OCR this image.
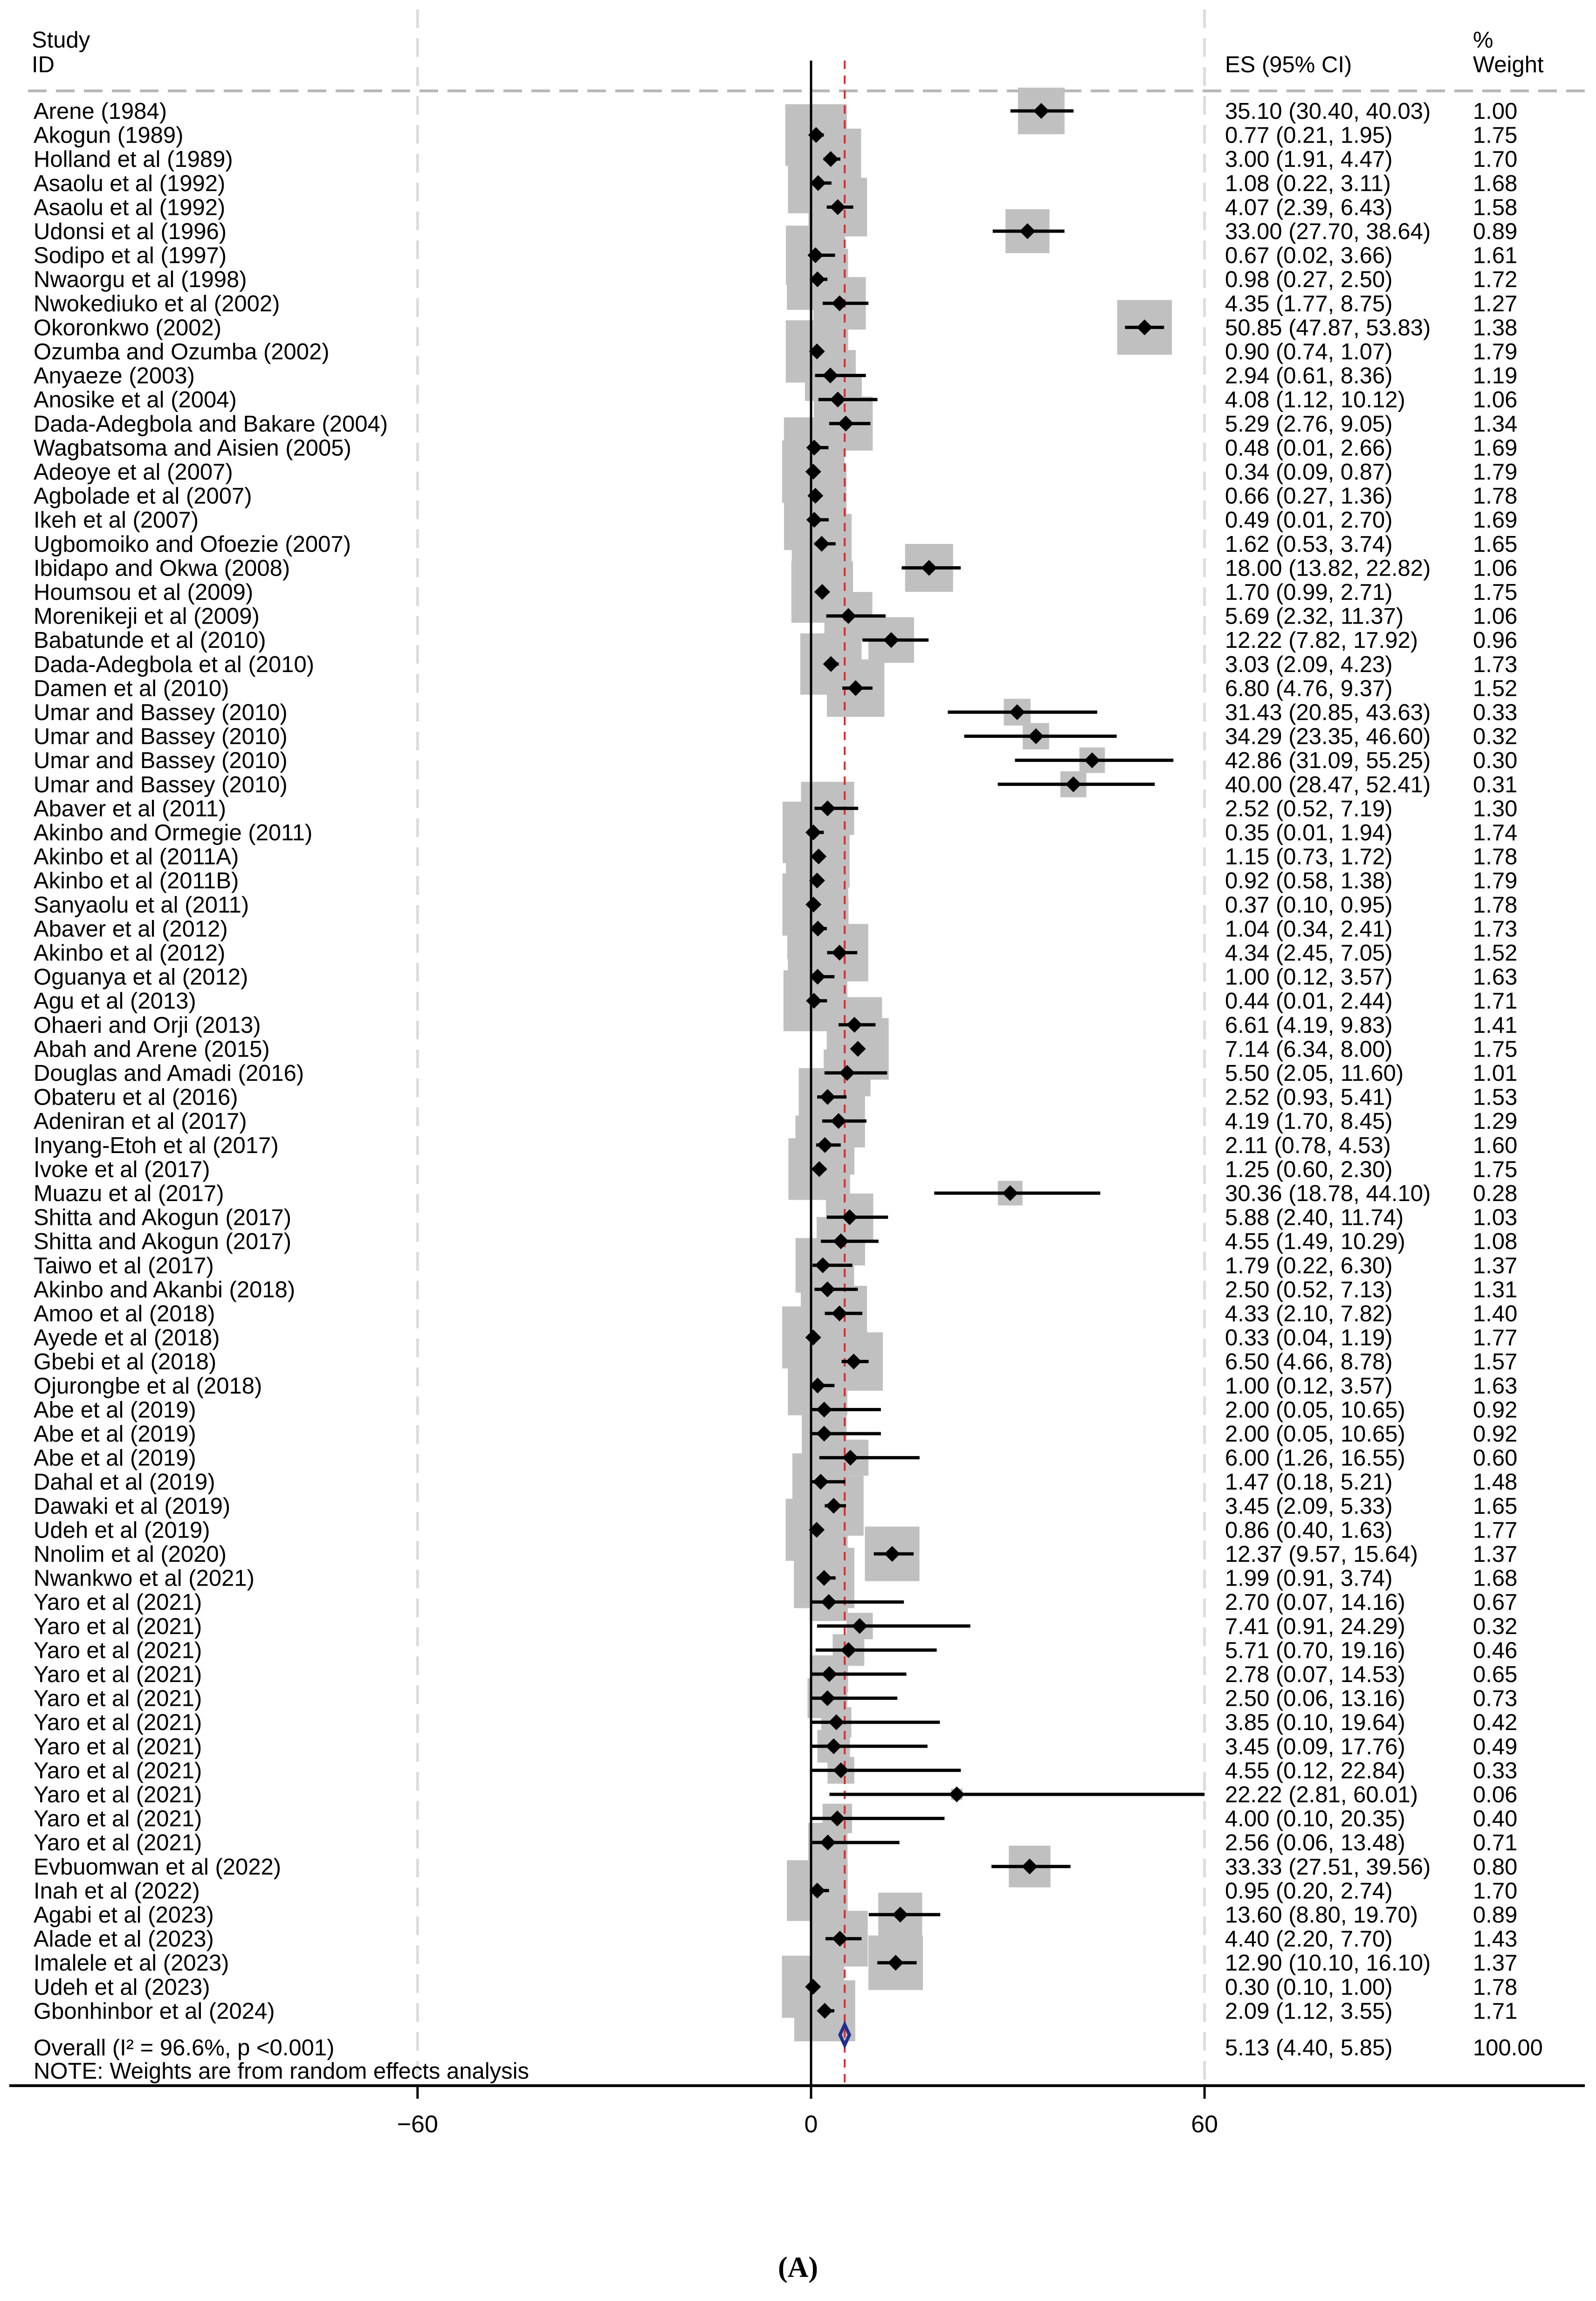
Study
ID	ES (95% CI)
%
Weight
Arene (1984)	35.10 (30.40, 40.03) 1.00
Akogun (1989)	0.77 (0.21, 1.95)	1.75
Holland et al (1989)	3.00 (1.91, 4.47)	1.70
Asaolu et al (1992)	1.08 (0.22, 3.11)	1.68
Asaolu et al (1992)	4.07 (2.39, 6.43)	1.58
Udonsi et al (1996)	33.00 (27.70, 38.64) 0.89
Sodipo et al (1997)	0.67 (0.02, 3.66)	1.61
Nwaorgu et al (1998)	0.98 (0.27, 2.50)	1.72
Nwokediuko et al (2002)	4.35 (1.77, 8.75)	1.27
Okoronkwo (2002)	50.85 (47.87, 53.83) 1.38
Ozumba and Ozumba (2002)	0.90 (0.74, 1.07)	1.79
Anyaeze (2003)	2.94 (0.61, 8.36)	1.19
Anosike et al (2004)	4.08 (1.12, 10.12)	1.06
Dada-Adegbola and Bakare (2004)	5.29 (2.76, 9.05)	1.34
Wagbatsoma and Aisien (2005)	0.48 (0.01, 2.66)	1.69
Adeoye et al (2007)	0.34 (0.09, 0.87)	1.79
Agbolade et al (2007)	0.66 (0.27, 1.36)	1.78
Ikeh et al (2007)	0.49 (0.01, 2.70)	1.69
Ugbomoiko and Ofoezie (2007)	1.62 (0.53, 3.74)	1.65
Ibidapo and Okwa (2008)	18.00 (13.82, 22.82) 1.06
Houmsou et al (2009)	1.70 (0.99, 2.71)	1.75
Morenikeji et al (2009)	5.69 (2.32, 11.37)	1.06
Babatunde et al (2010)	12.22 (7.82, 17.92) 0.96
Dada-Adegbola et al (2010)	3.03 (2.09, 4.23)	1.73
Damen et al (2010)	6.80 (4.76, 9.37)	1.52
Umar and Bassey (2010)	31.43 (20.85, 43.63) 0.33
Umar and Bassey (2010)	34.29 (23.35, 46.60) 0.32
Umar and Bassey (2010)	42.86 (31.09, 55.25) 0.30
Umar and Bassey (2010)	40.00 (28.47, 52.41) 0.31
Abaver et al (2011)	2.52 (0.52, 7.19)	1.30
Akinbo and Ormegie (2011)	0.35 (0.01, 1.94)	1.74
Akinbo et al (2011A)	1.15 (0.73, 1.72)	1.78
Akinbo et al (2011B)	0.92 (0.58, 1.38)	1.79
Sanyaolu et al (2011)	0.37 (0.10, 0.95)	1.78
Abaver et al (2012)	1.04 (0.34, 2.41)	1.73
Akinbo et al (2012)	4.34 (2.45, 7.05)	1.52
Oguanya et al (2012)	1.00 (0.12, 3.57)	1.63
Agu et al (2013)	0.44 (0.01, 2.44)	1.71
Ohaeri and Orji (2013)	6.61 (4.19, 9.83)	1.41
Abah and Arene (2015)	7.14 (6.34, 8.00)	1.75
Douglas and Amadi (2016)	5.50 (2.05, 11.60)	1.01
Obateru et al (2016)	2.52 (0.93, 5.41)	1.53
Adeniran et al (2017)	4.19 (1.70, 8.45)	1.29
Inyang-Etoh et al (2017)	2.11 (0.78, 4.53)	1.60
Ivoke et al (2017)	1.25 (0.60, 2.30)	1.75
Muazu et al (2017)	30.36 (18.78, 44.10) 0.28
Shitta and Akogun (2017)	5.88 (2.40, 11.74)	1.03
Shitta and Akogun (2017)	4.55 (1.49, 10.29)	1.08
Taiwo et al (2017)	1.79 (0.22, 6.30)	1.37
Akinbo and Akanbi (2018)	2.50 (0.52, 7.13)	1.31
Amoo et al (2018)	4.33 (2.10, 7.82)	1.40
Ayede et al (2018)	0.33 (0.04, 1.19)	1.77
Gbebi et al (2018)	6.50 (4.66, 8.78)	1.57
Ojurongbe et al (2018)	1.00 (0.12, 3.57)	1.63
Abe et al (2019)	2.00 (0.05, 10.65)	0.92
Abe et al (2019)	2.00 (0.05, 10.65)	0.92
Abe et al (2019)	6.00 (1.26, 16.55)	0.60
Dahal et al (2019)	1.47 (0.18, 5.21)	1.48
Dawaki et al (2019)	3.45 (2.09, 5.33)	1.65
Udeh et al (2019)	0.86 (0.40, 1.63)	1.77
Nnolim et al (2020)	12.37 (9.57, 15.64) 1.37
Nwankwo et al (2021)	1.99 (0.91, 3.74)	1.68
Yaro et al (2021)	2.70 (0.07, 14.16)	0.67
Yaro et al (2021)	7.41 (0.91, 24.29)	0.32
Yaro et al (2021)	5.71 (0.70, 19.16)	0.46
Yaro et al (2021)	2.78 (0.07, 14.53)	0.65
Yaro et al (2021)	2.50 (0.06, 13.16)	0.73
Yaro et al (2021)	3.85 (0.10, 19.64)	0.42
Yaro et al (2021)	3.45 (0.09, 17.76)	0.49
Yaro et al (2021)	4.55 (0.12, 22.84)	0.33
Yaro et al (2021)	22.22 (2.81, 60.01) 0.06
Yaro et al (2021)	4.00 (0.10, 20.35)	0.40
Yaro et al (2021)	2.56 (0.06, 13.48)	0.71
Evbuomwan et al (2022)	33.33 (27.51, 39.56) 0.80
Inah et al (2022)	0.95 (0.20, 2.74)	1.70
Agabi et al (2023)	13.60 (8.80, 19.70) 0.89
Alade et al (2023)	4.40 (2.20, 7.70)	1.43
Imalele et al (2023)	12.90 (10.10, 16.10) 1.37
Udeh et al (2023)	0.30 (0.10, 1.00)	1.78
Gbonhinbor et al (2024)	2.09 (1.12, 3.55)	1.71
Overall (I² = 96.6%, p <0.001)	5.13 (4.40, 5.85)	100.00
NOTE: Weights are from random effects analysis
−60	0	60
(A)
